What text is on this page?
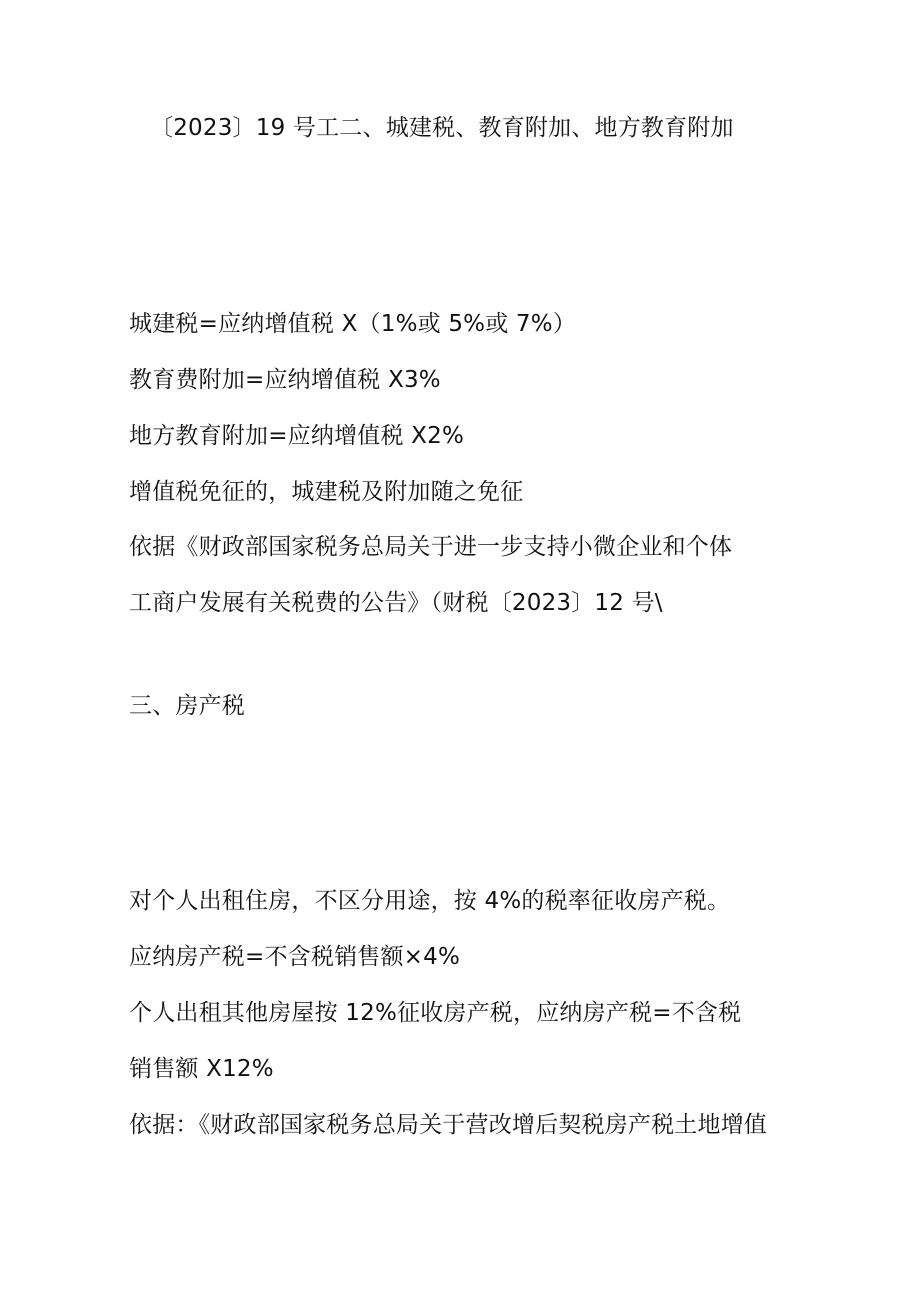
〔2023〕19 号工二、城建税、教育附加、地方教育附加
城建税=应纳增值税 X（1%或 5%或 7%）
教育费附加=应纳增值税 X3%
地方教育附加=应纳增值税 X2%
增值税免征的，城建税及附加随之免征
依据《财政部国家税务总局关于进一步支持小微企业和个体
工商户发展有关税费的公告》（财税〔2023〕12 号\
三、房产税
对个人出租住房，不区分用途，按 4%的税率征收房产税。
应纳房产税=不含税销售额×4%
个人出租其他房屋按 12%征收房产税，应纳房产税=不含税
销售额 X12%
依据：《财政部国家税务总局关于营改增后契税房产税土地增值
